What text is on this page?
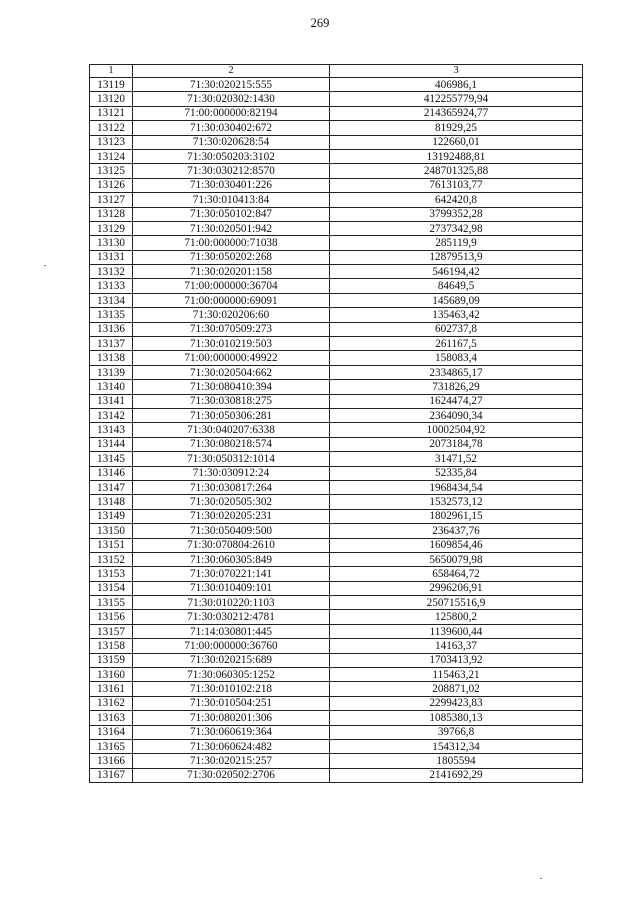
269
1	2	3
13119	71:30:020215:555	406986,1
13120	71:30:020302:1430	412255779,94
13121	71:00:000000:82194	214365924,77
13122	71:30:030402:672	81929,25
13123	71:30:020628:54	122660,01
13124	71:30:050203:3102	13192488,81
13125	71:30:030212:8570	248701325,88
13126	71:30:030401:226	7613103,77
13127	71:30:010413:84	642420,8
13128	71:30:050102:847	3799352,28
13129	71:30:020501:942	2737342,98
13130	71:00:000000:71038	285119,9
13131	71:30:050202:268	12879513,9
13132	71:30:020201:158	546194,42
13133	71:00:000000:36704	84649,5
13134	71:00:000000:69091	145689,09
13135	71:30:020206:60	135463,42
13136	71:30:070509:273	602737,8
13137	71:30:010219:503	261167,5
13138	71:00:000000:49922	158083,4
13139	71:30:020504:662	2334865,17
13140	71:30:080410:394	731826,29
13141	71:30:030818:275	1624474,27
13142	71:30:050306:281	2364090,34
13143	71:30:040207:6338	10002504,92
13144	71:30:080218:574	2073184,78
13145	71:30:050312:1014	31471,52
13146	71:30:030912:24	52335,84
13147	71:30:030817:264	1968434,54
13148	71:30:020505:302	1532573,12
13149	71:30:020205:231	1802961,15
13150	71:30:050409:500	236437,76
13151	71:30:070804:2610	1609854,46
13152	71:30:060305:849	5650079,98
13153	71:30:070221:141	658464,72
13154	71:30:010409:101	2996206,91
13155	71:30:010220:1103	250715516,9
13156	71:30:030212:4781	125800,2
13157	71:14:030801:445	1139600,44
13158	71:00:000000:36760	14163,37
13159	71:30:020215:689	1703413,92
13160	71:30:060305:1252	115463,21
13161	71:30:010102:218	208871,02
13162	71:30:010504:251	2299423,83
13163	71:30:080201:306	1085380,13
13164	71:30:060619:364	39766,8
13165	71:30:060624:482	154312,34
13166	71:30:020215:257	1805594
13167	71:30:020502:2706	2141692,29
